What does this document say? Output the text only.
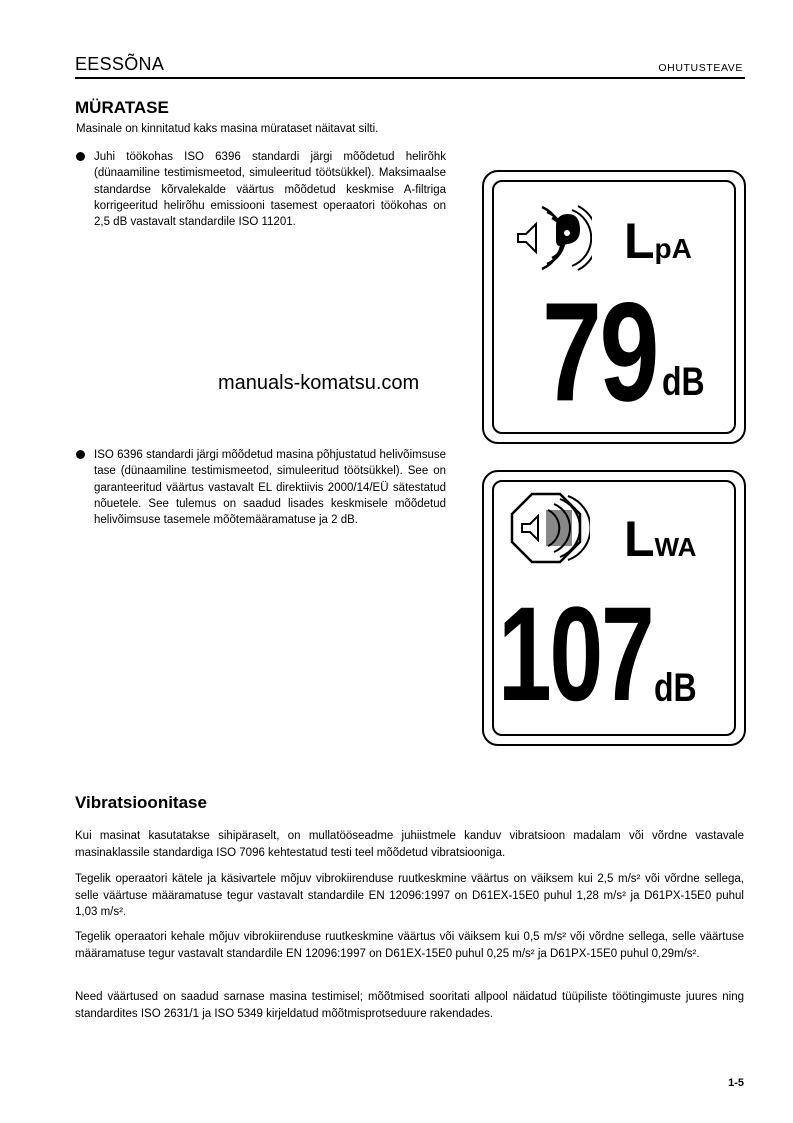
EESSÕNA	OHUTUSTEAVE
MÜRATASE
Masinale on kinnitatud kaks masina mürataset näitavat silti.
Juhi töökohas ISO 6396 standardi järgi mõõdetud helirõhk (dünaamiline testimismeetod, simuleeritud töötsükkel). Maksimaalse standardse kõrvalekalde väärtus mõõdetud keskmise A-filtriga korrigeeritud helirõhu emissiooni tasemest operaatori töökohas on 2,5 dB vastavalt standardile ISO 11201.
ISO 6396 standardi järgi mõõdetud masina põhjustatud helivõimsuse tase (dünaamiline testimismeetod, simuleeritud töötsükkel). See on garanteeritud väärtus vastavalt EL direktiivis 2000/14/EÜ sätestatud nõuetele. See tulemus on saadud lisades keskmisele mõõdetud helivõimsuse tasemele mõõtemääramatuse ja 2 dB.
manuals-komatsu.com
LpA
79 dB
LWA
107 dB
Vibratsioonitase
Kui masinat kasutatakse sihipäraselt, on mullatööseadme juhiistmele kanduv vibratsioon madalam või võrdne vastavale masinaklassile standardiga ISO 7096 kehtestatud testi teel mõõdetud vibratsiooniga.
Tegelik operaatori kätele ja käsivartele mõjuv vibrokiirenduse ruutkeskmine väärtus on väiksem kui 2,5 m/s² või võrdne sellega, selle väärtuse määramatuse tegur vastavalt standardile EN 12096:1997 on D61EX-15E0 puhul 1,28 m/s² ja D61PX-15E0 puhul 1,03 m/s².
Tegelik operaatori kehale mõjuv vibrokiirenduse ruutkeskmine väärtus või väiksem kui 0,5 m/s² või võrdne sellega, selle väärtuse määramatuse tegur vastavalt standardile EN 12096:1997 on D61EX-15E0 puhul 0,25 m/s² ja D61PX-15E0 puhul 0,29m/s².
Need väärtused on saadud sarnase masina testimisel; mõõtmised sooritati allpool näidatud tüüpiliste töötingimuste juures ning standardites ISO 2631/1 ja ISO 5349 kirjeldatud mõõtmisprotseduure rakendades.
1-5
